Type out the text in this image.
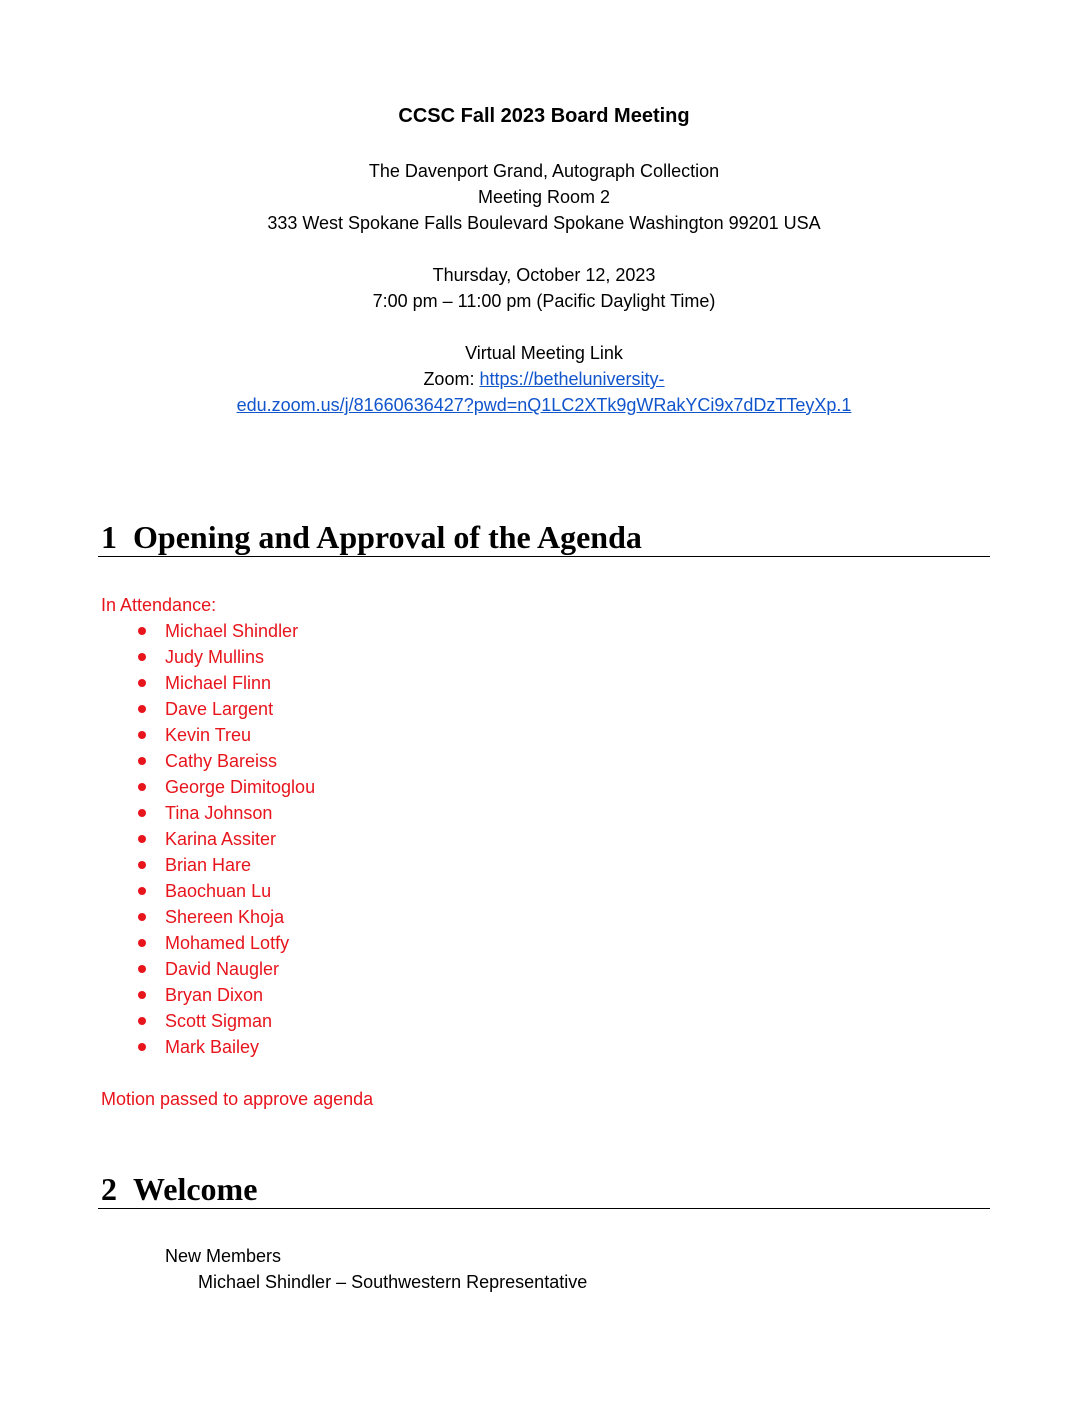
CCSC Fall 2023 Board Meeting
The Davenport Grand, Autograph Collection
Meeting Room 2
333 West Spokane Falls Boulevard Spokane Washington 99201 USA
Thursday, October 12, 2023
7:00 pm – 11:00 pm (Pacific Daylight Time)
Virtual Meeting Link
Zoom: https://betheluniversity-
edu.zoom.us/j/81660636427?pwd=nQ1LC2XTk9gWRakYCi9x7dDzTTeyXp.1
1 Opening and Approval of the Agenda
In Attendance:
Michael Shindler
Judy Mullins
Michael Flinn
Dave Largent
Kevin Treu
Cathy Bareiss
George Dimitoglou
Tina Johnson
Karina Assiter
Brian Hare
Baochuan Lu
Shereen Khoja
Mohamed Lotfy
David Naugler
Bryan Dixon
Scott Sigman
Mark Bailey
Motion passed to approve agenda
2 Welcome
New Members
Michael Shindler – Southwestern Representative
